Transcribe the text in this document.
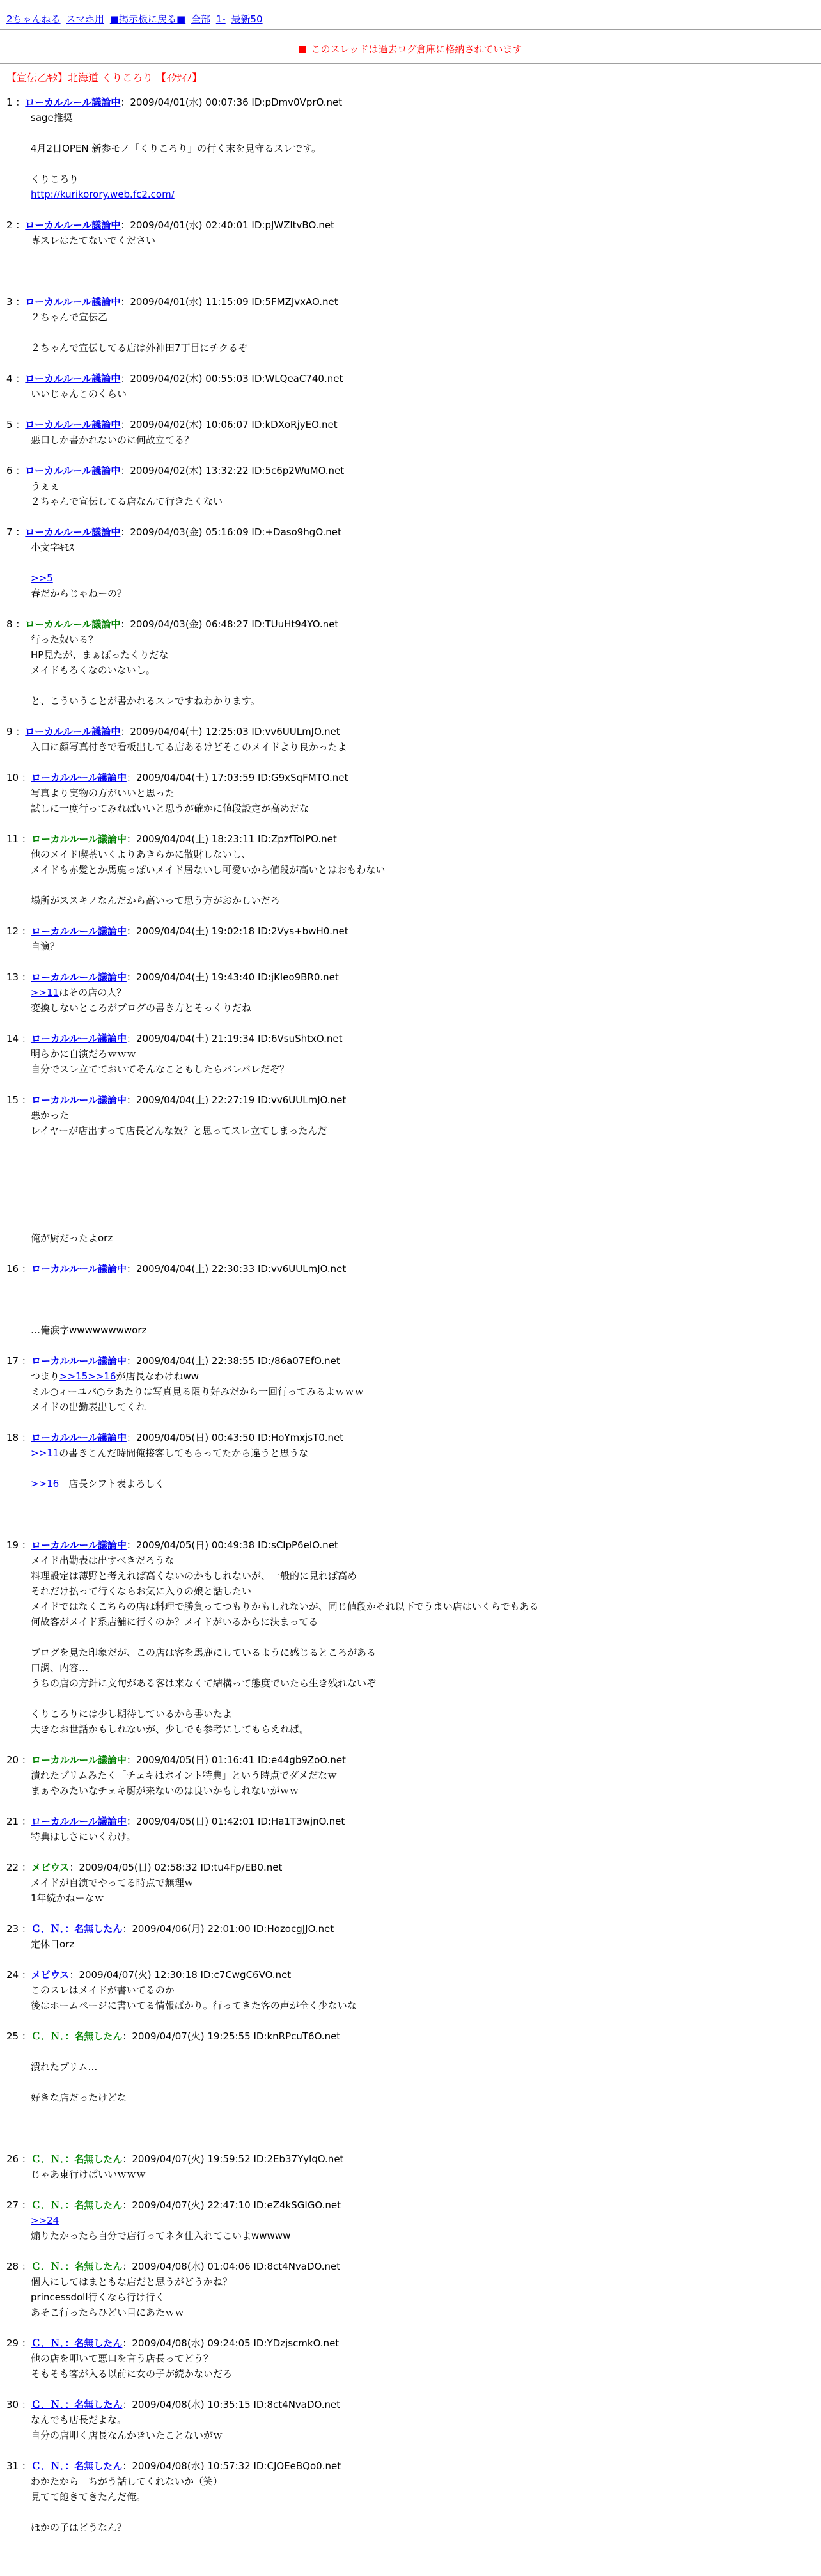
2ちゃんねる スマホ用 ■掲示板に戻る■ 全部 1- 最新50
このスレッドは過去ログ倉庫に格納されています
【宣伝乙ｷﾀ】北海道 くりころり 【ｲｸｻｲﾉ】
1 ：ローカルルール議論中：2009/04/01(水) 00:07:36 ID:pDmv0VprO.net
sage推奨

4月2日OPEN 新参モノ「くりころり」の行く末を見守るスレです。

くりころり
http://kurikorory.web.fc2.com/
2 ：ローカルルール議論中：2009/04/01(水) 02:40:01 ID:pJWZltvBO.net
専スレはたてないでください

3 ：ローカルルール議論中：2009/04/01(水) 11:15:09 ID:5FMZJvxAO.net
２ちゃんで宣伝乙

２ちゃんで宣伝してる店は外神田7丁目にチクるぞ
4 ：ローカルルール議論中：2009/04/02(木) 00:55:03 ID:WLQeaC740.net
いいじゃんこのくらい
5 ：ローカルルール議論中：2009/04/02(木) 10:06:07 ID:kDXoRjyEO.net
悪口しか書かれないのに何故立てる？
6 ：ローカルルール議論中：2009/04/02(木) 13:32:22 ID:5c6p2WuMO.net
うぇぇ
２ちゃんで宣伝してる店なんて行きたくない
7 ：ローカルルール議論中：2009/04/03(金) 05:16:09 ID:+Daso9hgO.net
小文字ｷﾓｽ

>>5
春だからじゃねーの？
8 ：ローカルルール議論中：2009/04/03(金) 06:48:27 ID:TUuHt94YO.net
行った奴いる？
HP見たが、まぁぼったくりだな
メイドもろくなのいないし。

と、こういうことが書かれるスレですねわかります。
9 ：ローカルルール議論中：2009/04/04(土) 12:25:03 ID:vv6UULmJO.net
入口に顔写真付きで看板出してる店あるけどそこのメイドより良かったよ
10 ：ローカルルール議論中：2009/04/04(土) 17:03:59 ID:G9xSqFMTO.net
写真より実物の方がいいと思った
試しに一度行ってみればいいと思うが確かに値段設定が高めだな
11 ：ローカルルール議論中：2009/04/04(土) 18:23:11 ID:ZpzfToIPO.net
他のメイド喫茶いくよりあきらかに散財しないし、
メイドも赤髪とか馬鹿っぽいメイド居ないし可愛いから値段が高いとはおもわない

場所がススキノなんだから高いって思う方がおかしいだろ
12 ：ローカルルール議論中：2009/04/04(土) 19:02:18 ID:2Vys+bwH0.net
自演？
13 ：ローカルルール議論中：2009/04/04(土) 19:43:40 ID:jKleo9BR0.net
>>11はその店の人？
変換しないところがブログの書き方とそっくりだね
14 ：ローカルルール議論中：2009/04/04(土) 21:19:34 ID:6VsuShtxO.net
明らかに自演だろｗｗｗ
自分でスレ立てておいてそんなこともしたらバレバレだぞ？
15 ：ローカルルール議論中：2009/04/04(土) 22:27:19 ID:vv6UULmJO.net
悪かった
レイヤーが店出すって店長どんな奴？と思ってスレ立てしまったんだ

俺が厨だったよorz
16 ：ローカルルール議論中：2009/04/04(土) 22:30:33 ID:vv6UULmJO.net

…俺涙字wwwwwwwworz
17 ：ローカルルール議論中：2009/04/04(土) 22:38:55 ID:/86a07EfO.net
つまり>>15>>16が店長なわけねww
ミル○ィーユバ○ラあたりは写真見る限り好みだから一回行ってみるよｗｗｗ
メイドの出勤表出してくれ
18 ：ローカルルール議論中：2009/04/05(日) 00:43:50 ID:HoYmxjsT0.net
>>11の書きこんだ時間俺接客してもらってたから違うと思うな

>>16　店長シフト表よろしく

19 ：ローカルルール議論中：2009/04/05(日) 00:49:38 ID:sClpP6eIO.net
メイド出勤表は出すべきだろうな
料理設定は薄野と考えれば高くないのかもしれないが、一般的に見れば高め
それだけ払って行くならお気に入りの娘と話したい
メイドではなくこちらの店は料理で勝負ってつもりかもしれないが、同じ値段かそれ以下でうまい店はいくらでもある
何故客がメイド系店舗に行くのか？メイドがいるからに決まってる

ブログを見た印象だが、この店は客を馬鹿にしているように感じるところがある
口調、内容…
うちの店の方針に文句がある客は来なくて結構って態度でいたら生き残れないぞ

くりころりには少し期待しているから書いたよ
大きなお世話かもしれないが、少しでも参考にしてもらえれば。
20 ：ローカルルール議論中：2009/04/05(日) 01:16:41 ID:e44gb9ZoO.net
潰れたプリムみたく「チェキはポイント特典」という時点でダメだなｗ
まぁやみたいなチェキ厨が来ないのは良いかもしれないがｗｗ
21 ：ローカルルール議論中：2009/04/05(日) 01:42:01 ID:Ha1T3wjnO.net
特典はしさにいくわけ。
22 ：メビウス：2009/04/05(日) 02:58:32 ID:tu4Fp/EB0.net
メイドが自演でやってる時点で無理ｗ
1年続かねーなｗ
23 ：Ｃ．Ｎ．：名無したん：2009/04/06(月) 22:01:00 ID:HozocgJJO.net
定休日orz
24 ：メビウス：2009/04/07(火) 12:30:18 ID:c7CwgC6VO.net
このスレはメイドが書いてるのか
後はホームページに書いてる情報ばかり。行ってきた客の声が全く少ないな
25 ：Ｃ．Ｎ．：名無したん：2009/04/07(火) 19:25:55 ID:knRPcuT6O.net

潰れたプリム…

好きな店だったけどな

26 ：Ｃ．Ｎ．：名無したん：2009/04/07(火) 19:59:52 ID:2Eb37YylqO.net
じゃあ東行けばいいｗｗｗ
27 ：Ｃ．Ｎ．：名無したん：2009/04/07(火) 22:47:10 ID:eZ4kSGIGO.net
>>24
煽りたかったら自分で店行ってネタ仕入れてこいよwwwww
28 ：Ｃ．Ｎ．：名無したん：2009/04/08(水) 01:04:06 ID:8ct4NvaDO.net
個人にしてはまともな店だと思うがどうかね？
princessdoll行くなら行け行く
あそこ行ったらひどい目にあたｗｗ
29 ：Ｃ．Ｎ．：名無したん：2009/04/08(水) 09:24:05 ID:YDzjscmkO.net
他の店を叩いて悪口を言う店長ってどう？
そもそも客が入る以前に女の子が続かないだろ
30 ：Ｃ．Ｎ．：名無したん：2009/04/08(水) 10:35:15 ID:8ct4NvaDO.net
なんでも店長だよな。
自分の店叩く店長なんかきいたことないがｗ
31 ：Ｃ．Ｎ．：名無したん：2009/04/08(水) 10:57:32 ID:CJOEeBQo0.net
わかたから　ちがう話してくれないか（笑）
見てて飽きてきたんだ俺。

ほかの子はどうなん？
